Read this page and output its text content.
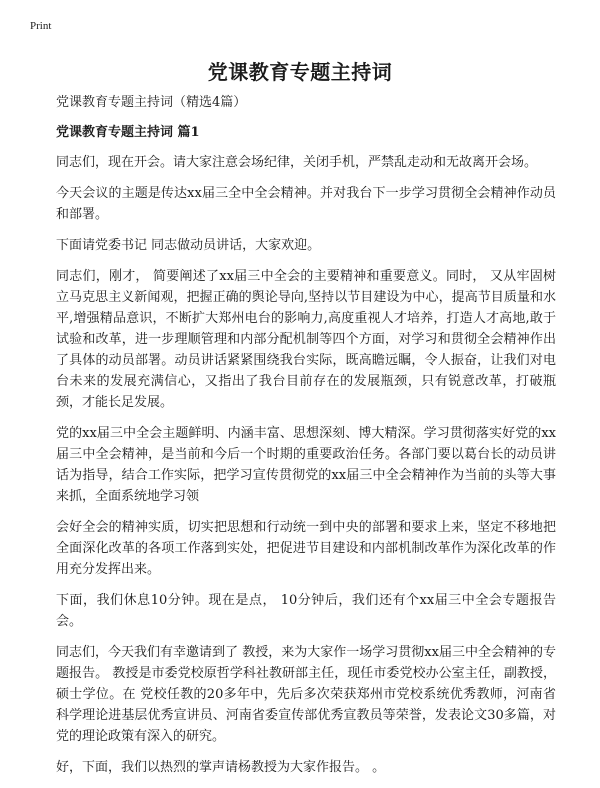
Print
党课教育专题主持词

党课教育专题主持词（精选4篇）

党课教育专题主持词 篇1

同志们，现在开会。请大家注意会场纪律，关闭手机，严禁乱走动和无故离开会场。

今天会议的主题是传达xx届三全中全会精神。并对我台下一步学习贯彻全会精神作动员和部署。

下面请党委书记 同志做动员讲话，大家欢迎。

同志们，刚才， 简要阐述了xx届三中全会的主要精神和重要意义。同时， 又从牢固树立马克思主义新闻观，把握正确的舆论导向,坚持以节目建设为中心，提高节目质量和水平,增强精品意识，不断扩大郑州电台的影响力,高度重视人才培养，打造人才高地,敢于试验和改革，进一步理顺管理和内部分配机制等四个方面，对学习和贯彻全会精神作出了具体的动员部署。动员讲话紧紧围绕我台实际，既高瞻远瞩，令人振奋，让我们对电台未来的发展充满信心，又指出了我台目前存在的发展瓶颈，只有锐意改革，打破瓶颈，才能长足发展。

党的xx届三中全会主题鲜明、内涵丰富、思想深刻、博大精深。学习贯彻落实好党的xx届三中全会精神，是当前和今后一个时期的重要政治任务。各部门要以葛台长的动员讲话为指导，结合工作实际，把学习宣传贯彻党的xx届三中全会精神作为当前的头等大事来抓，全面系统地学习领

会好全会的精神实质，切实把思想和行动统一到中央的部署和要求上来，坚定不移地把全面深化改革的各项工作落到实处，把促进节目建设和内部机制改革作为深化改革的作用充分发挥出来。

下面，我们休息10分钟。现在是点， 10分钟后，我们还有个xx届三中全会专题报告会。

同志们，今天我们有幸邀请到了 教授，来为大家作一场学习贯彻xx届三中全会精神的专题报告。 教授是市委党校原哲学科社教研部主任，现任市委党校办公室主任，副教授，硕士学位。在 党校任教的20多年中，先后多次荣获郑州市党校系统优秀教师，河南省科学理论进基层优秀宣讲员、河南省委宣传部优秀宣教员等荣誉，发表论文30多篇，对党的理论政策有深入的研究。

好，下面，我们以热烈的掌声请杨教授为大家作报告。 。
